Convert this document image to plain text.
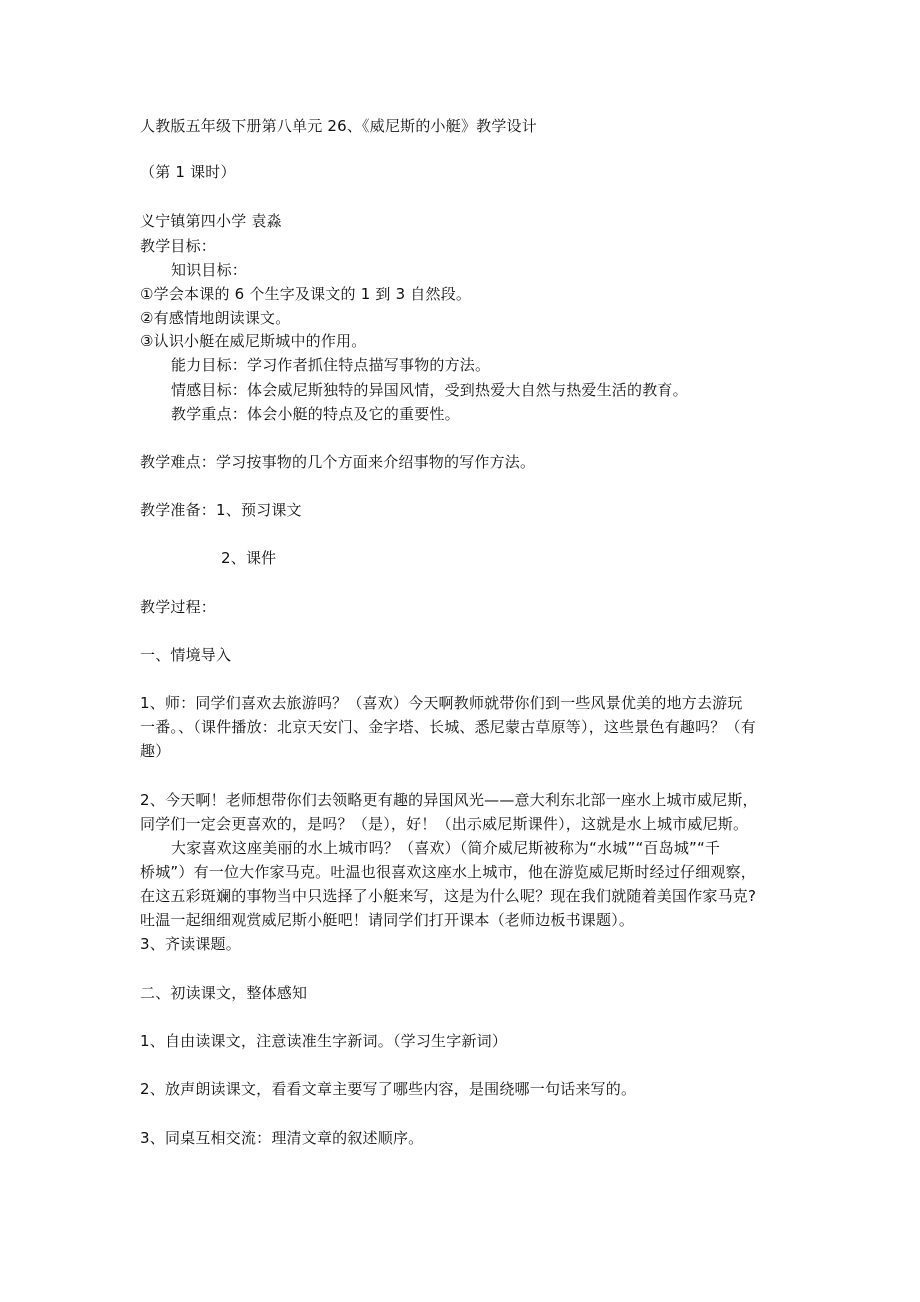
人教版五年级下册第八单元 26、《威尼斯的小艇》教学设计
（第 1 课时）
义宁镇第四小学 袁淼
教学目标：
知识目标：
①学会本课的 6 个生字及课文的 1 到 3 自然段。
②有感情地朗读课文。
③认识小艇在威尼斯城中的作用。
能力目标：学习作者抓住特点描写事物的方法。
情感目标：体会威尼斯独特的异国风情，受到热爱大自然与热爱生活的教育。
教学重点：体会小艇的特点及它的重要性。
教学难点：学习按事物的几个方面来介绍事物的写作方法。
教学准备：1、预习课文
2、课件
教学过程：
一、情境导入
1、师：同学们喜欢去旅游吗？（喜欢）今天啊教师就带你们到一些风景优美的地方去游玩
一番。、（课件播放：北京天安门、金字塔、长城、悉尼蒙古草原等），这些景色有趣吗？（有
趣）
2、今天啊！老师想带你们去领略更有趣的异国风光——意大利东北部一座水上城市威尼斯，
同学们一定会更喜欢的，是吗？（是），好！（出示威尼斯课件），这就是水上城市威尼斯。
大家喜欢这座美丽的水上城市吗？（喜欢）（简介威尼斯被称为“水城”“百岛城”“千
桥城”）有一位大作家马克。吐温也很喜欢这座水上城市，他在游览威尼斯时经过仔细观察，
在这五彩斑斓的事物当中只选择了小艇来写，这是为什么呢？现在我们就随着美国作家马克?
吐温一起细细观赏威尼斯小艇吧！请同学们打开课本（老师边板书课题）。
3、齐读课题。
二、初读课文，整体感知
1、自由读课文，注意读准生字新词。（学习生字新词）
2、放声朗读课文，看看文章主要写了哪些内容，是围绕哪一句话来写的。
3、同桌互相交流：理清文章的叙述顺序。
